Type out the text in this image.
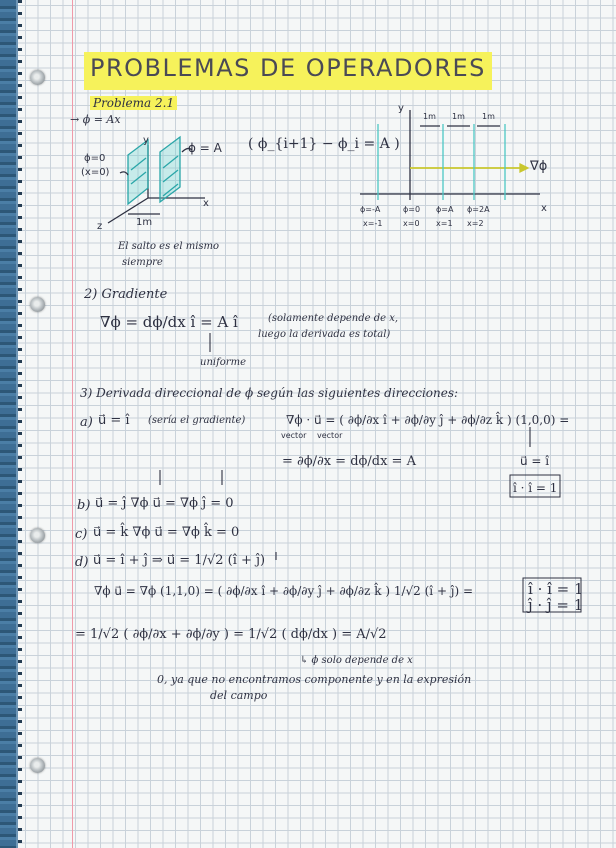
PROBLEMAS DE OPERADORES
Problema 2.1
→ ϕ = Ax
ϕ=0
(x=0)
y
x
z	1m
ϕ = A ( ϕ_{i+1} − ϕ_i = A )
El salto es el mismo
siempre
y
x
1m 1m 1m
∇ϕ
ϕ=-A	ϕ=0 ϕ=A ϕ=2A
x=-1	x=0 x=1 x=2
2) Gradiente
∇ϕ = dϕ/dx î = A î	(solamente depende de x,
luego la derivada es total)
uniforme
3) Derivada direccional de ϕ según las siguientes direcciones:
a) u⃗ = î (sería el gradiente)	∇ϕ · u⃗ = ( ∂ϕ/∂x î + ∂ϕ/∂y ĵ + ∂ϕ/∂z k̂ ) (1,0,0) =
vector vector
= ∂ϕ/∂x = dϕ/dx = A	u⃗ = î
î · î = 1
b) u⃗ = ĵ ∇ϕ u⃗ = ∇ϕ ĵ = 0
c) u⃗ = k̂ ∇ϕ u⃗ = ∇ϕ k̂ = 0
d) u⃗ = î + ĵ ⇒ u⃗ = 1/√2 (î + ĵ)
∇ϕ u⃗ = ∇ϕ (1,1,0) = ( ∂ϕ/∂x î + ∂ϕ/∂y ĵ + ∂ϕ/∂z k̂ ) 1/√2 (î + ĵ) =	î · î = 1
ĵ · ĵ = 1
= 1/√2 ( ∂ϕ/∂x + ∂ϕ/∂y ) = 1/√2 ( dϕ/dx ) = A/√2
↳ ϕ solo depende de x
0, ya que no encontramos componente y en la expresión
del campo
